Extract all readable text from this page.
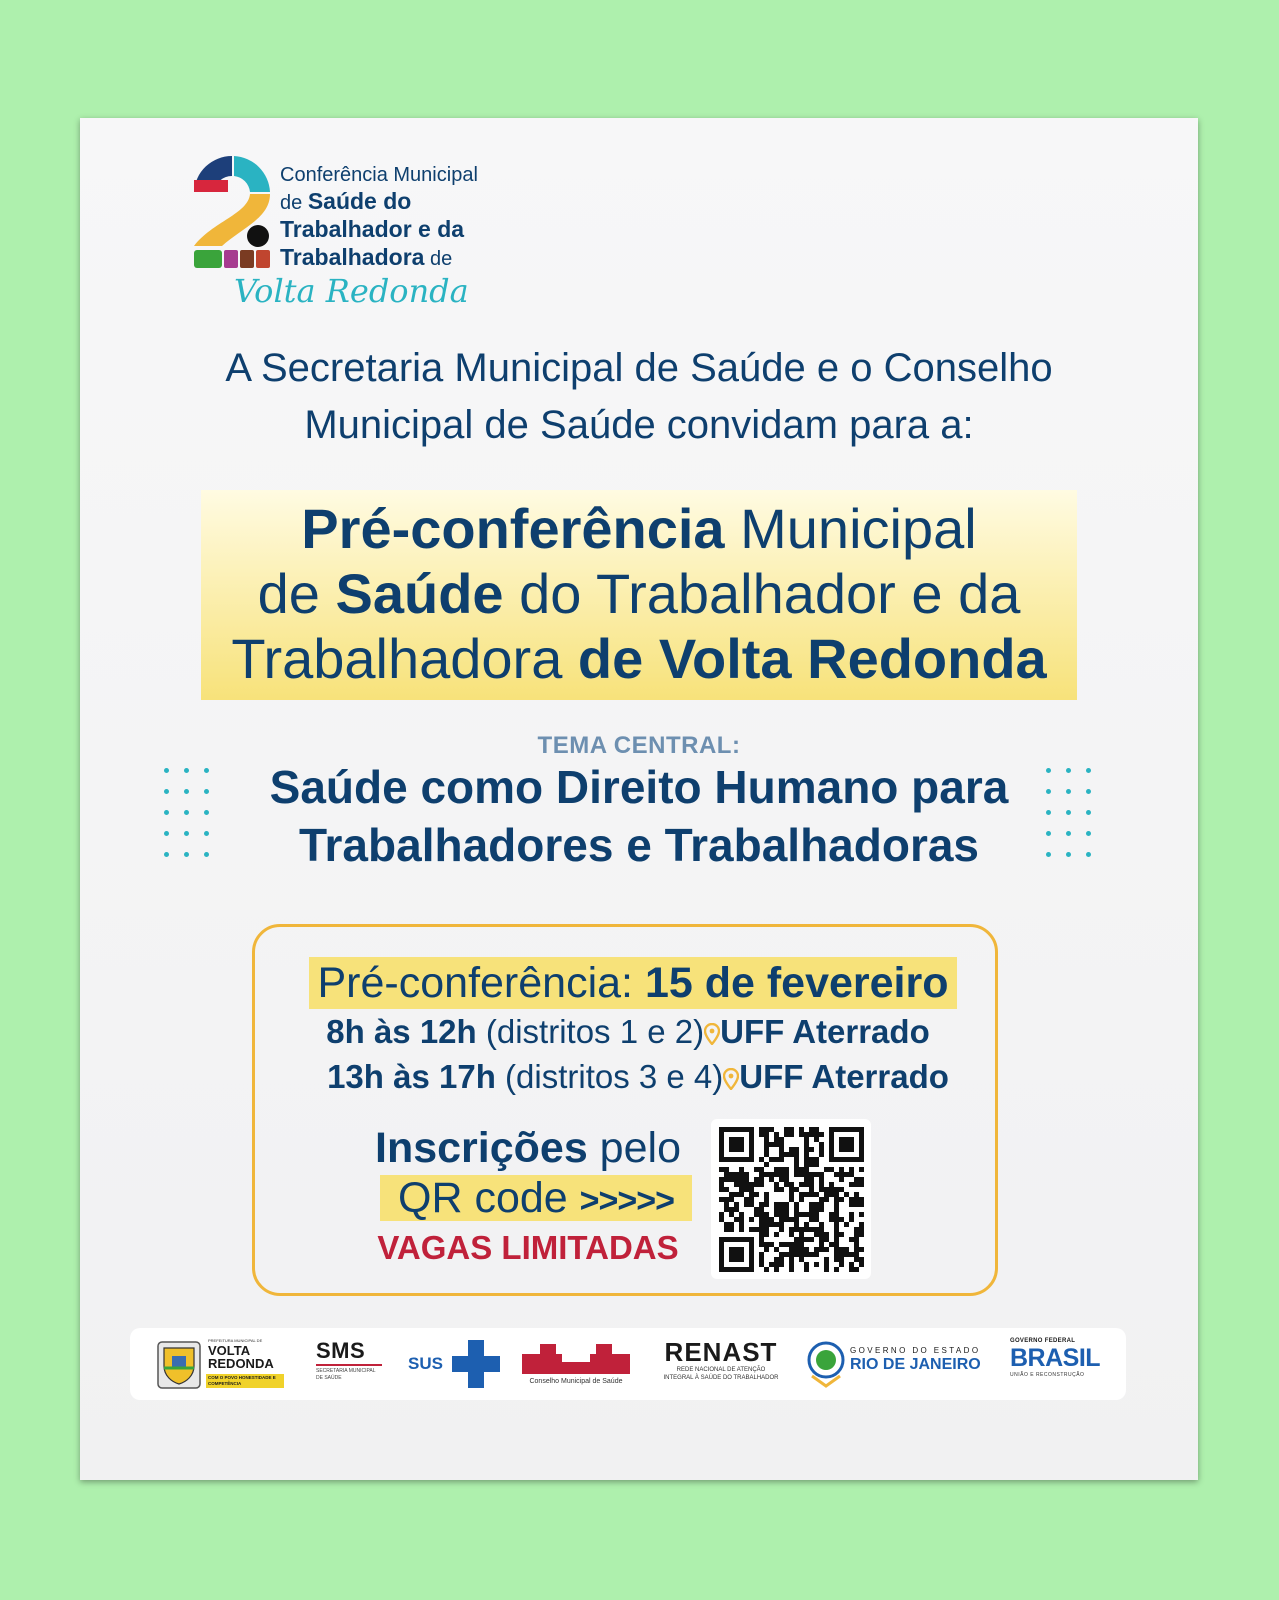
Conferência Municipal
de Saúde do
Trabalhador e da
Trabalhadora de
Volta Redonda
A Secretaria Municipal de Saúde e o Conselho
Municipal de Saúde convidam para a:
Pré-conferência Municipal
de Saúde do Trabalhador e da
Trabalhadora de Volta Redonda
TEMA CENTRAL:
Saúde como Direito Humano para
Trabalhadores e Trabalhadoras
Pré-conferência: 15 de fevereiro
8h às 12h (distritos 1 e 2) UFF Aterrado
13h às 17h (distritos 3 e 4) UFF Aterrado
Inscrições pelo
QR code >>>>>
VAGAS LIMITADAS
PREFEITURA MUNICIPAL DE
VOLTA
REDONDA
COM O POVO HONESTIDADE E COMPETÊNCIA
SMS
SECRETARIA MUNICIPAL DE SAÚDE
SUS
Conselho Municipal de Saúde
RENAST
REDE NACIONAL DE ATENÇÃO
INTEGRAL À SAÚDE DO TRABALHADOR
GOVERNO DO ESTADO
RIO DE JANEIRO
GOVERNO FEDERAL
BRASIL
UNIÃO E RECONSTRUÇÃO
